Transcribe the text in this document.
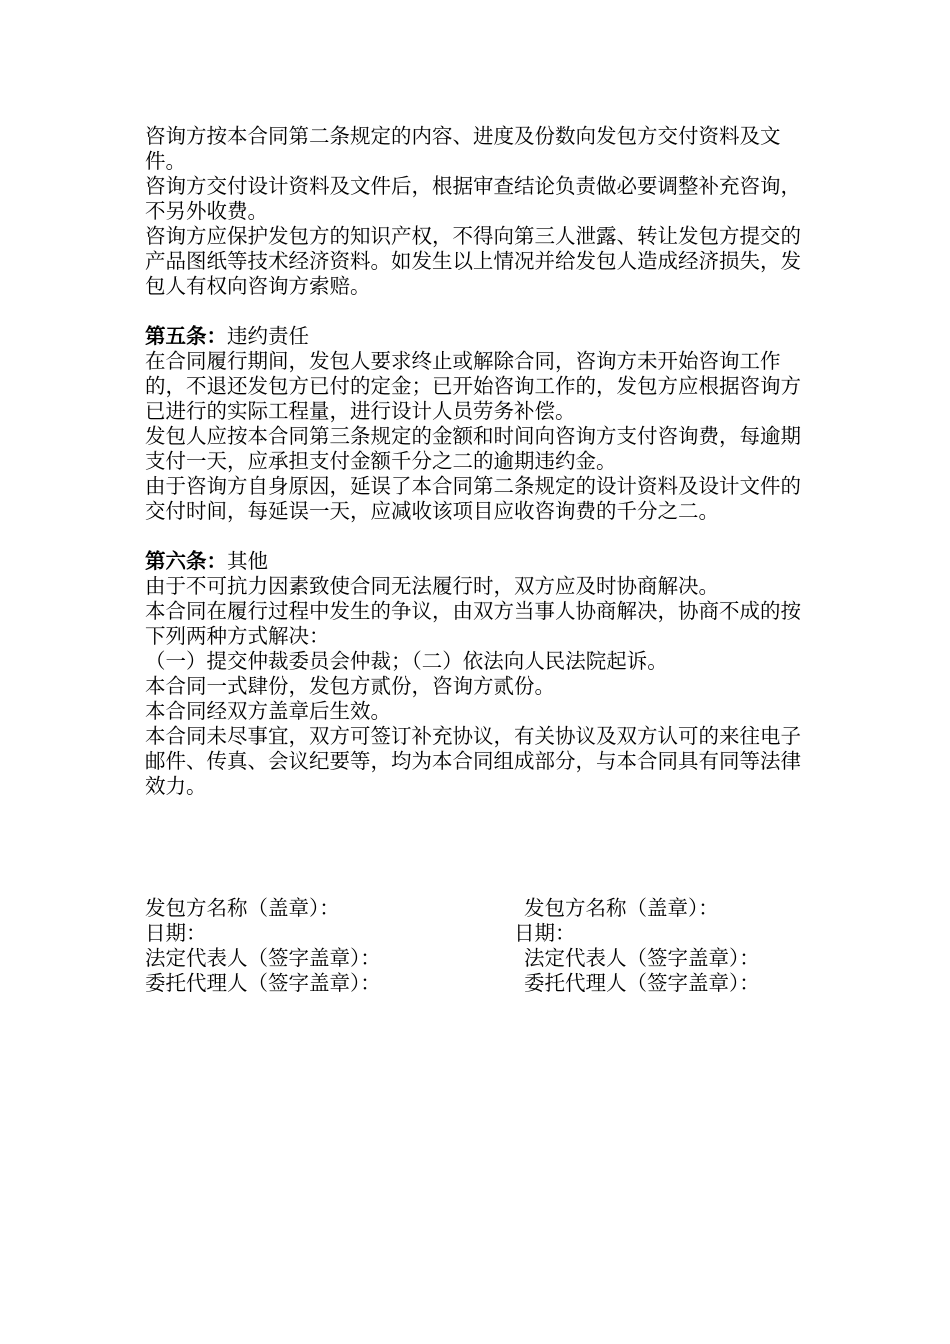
咨询方按本合同第二条规定的内容、进度及份数向发包方交付资料及文件。

咨询方交付设计资料及文件后，根据审查结论负责做必要调整补充咨询，不另外收费。

咨询方应保护发包方的知识产权，不得向第三人泄露、转让发包方提交的产品图纸等技术经济资料。如发生以上情况并给发包人造成经济损失，发包人有权向咨询方索赔。

第五条：违约责任

在合同履行期间，发包人要求终止或解除合同，咨询方未开始咨询工作的，不退还发包方已付的定金；已开始咨询工作的，发包方应根据咨询方已进行的实际工程量，进行设计人员劳务补偿。

发包人应按本合同第三条规定的金额和时间向咨询方支付咨询费，每逾期支付一天，应承担支付金额千分之二的逾期违约金。

由于咨询方自身原因，延误了本合同第二条规定的设计资料及设计文件的交付时间，每延误一天，应减收该项目应收咨询费的千分之二。

第六条：其他

由于不可抗力因素致使合同无法履行时，双方应及时协商解决。

本合同在履行过程中发生的争议，由双方当事人协商解决，协商不成的按下列两种方式解决：

（一）提交仲裁委员会仲裁；（二）依法向人民法院起诉。

本合同一式肆份，发包方贰份，咨询方贰份。

本合同经双方盖章后生效。

本合同未尽事宜，双方可签订补充协议，有关协议及双方认可的来往电子邮件、传真、会议纪要等，均为本合同组成部分，与本合同具有同等法律效力。

发包方名称（盖章）：	发包方名称（盖章）：
日期：	日期：
法定代表人（签字盖章）：	法定代表人（签字盖章）：
委托代理人（签字盖章）：	委托代理人（签字盖章）：
